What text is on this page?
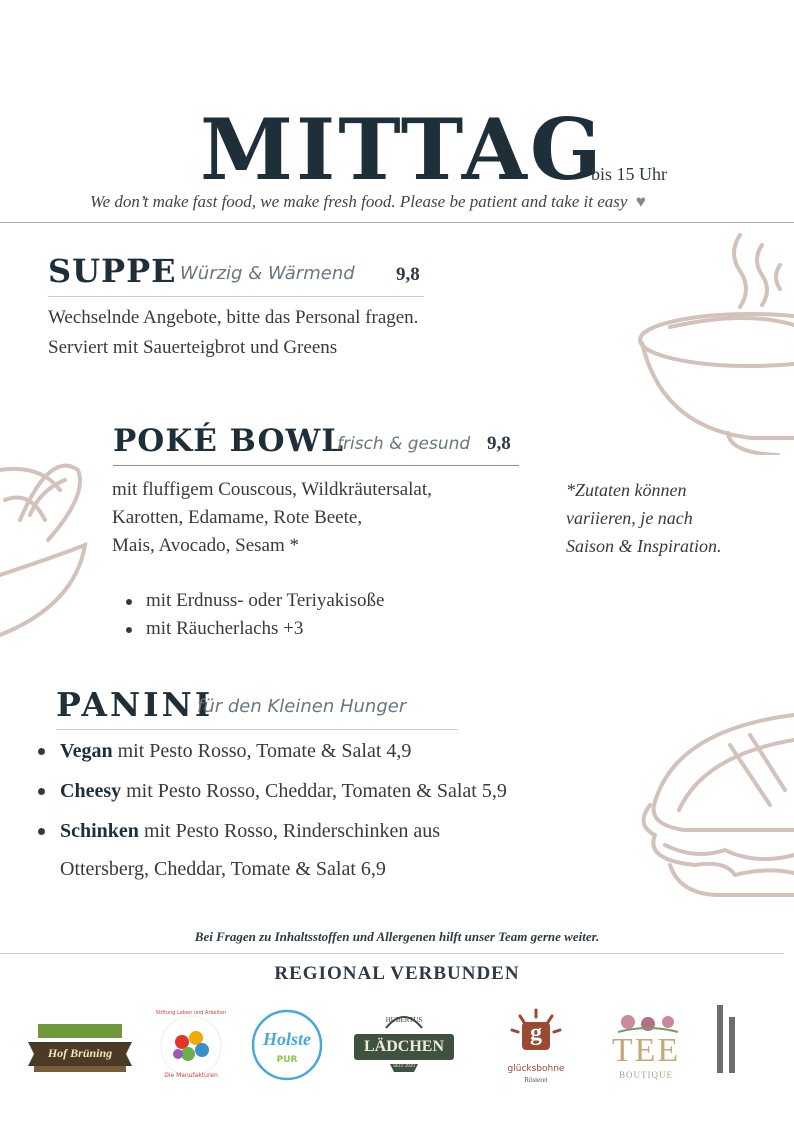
MITTAG
bis 15 Uhr
We don’t make fast food, we make fresh food. Please be patient and take it easy ♥
SUPPE Würzig & Wärmend 9,8
Wechselnde Angebote, bitte das Personal fragen.
Serviert mit Sauerteigbrot und Greens
POKÉ BOWL
frisch & gesund 9,8
mit fluffigem Couscous, Wildkräutersalat,
Karotten, Edamame, Rote Beete,
Mais, Avocado, Sesam *
*Zutaten können
variieren, je nach
Saison & Inspiration.
mit Erdnuss- oder Teriyakisoße
mit Räucherlachs +3
PANINI
für den Kleinen Hunger
Vegan mit Pesto Rosso, Tomate & Salat 4,9
Cheesy mit Pesto Rosso, Cheddar, Tomaten & Salat 5,9
Schinken mit Pesto Rosso, Rinderschinken aus
Ottersberg, Cheddar, Tomate & Salat 6,9
Bei Fragen zu Inhaltsstoffen und Allergenen hilft unser Team gerne weiter.
REGIONAL VERBUNDEN
Hof Brüning
Stiftung Leben und Arbeiten
Die Manufakturen
Holste
PUR
HUBERTUS
LÄDCHEN
SEIT 2020
g
glücksbohne
Rösterei
TEE
BOUTIQUE
